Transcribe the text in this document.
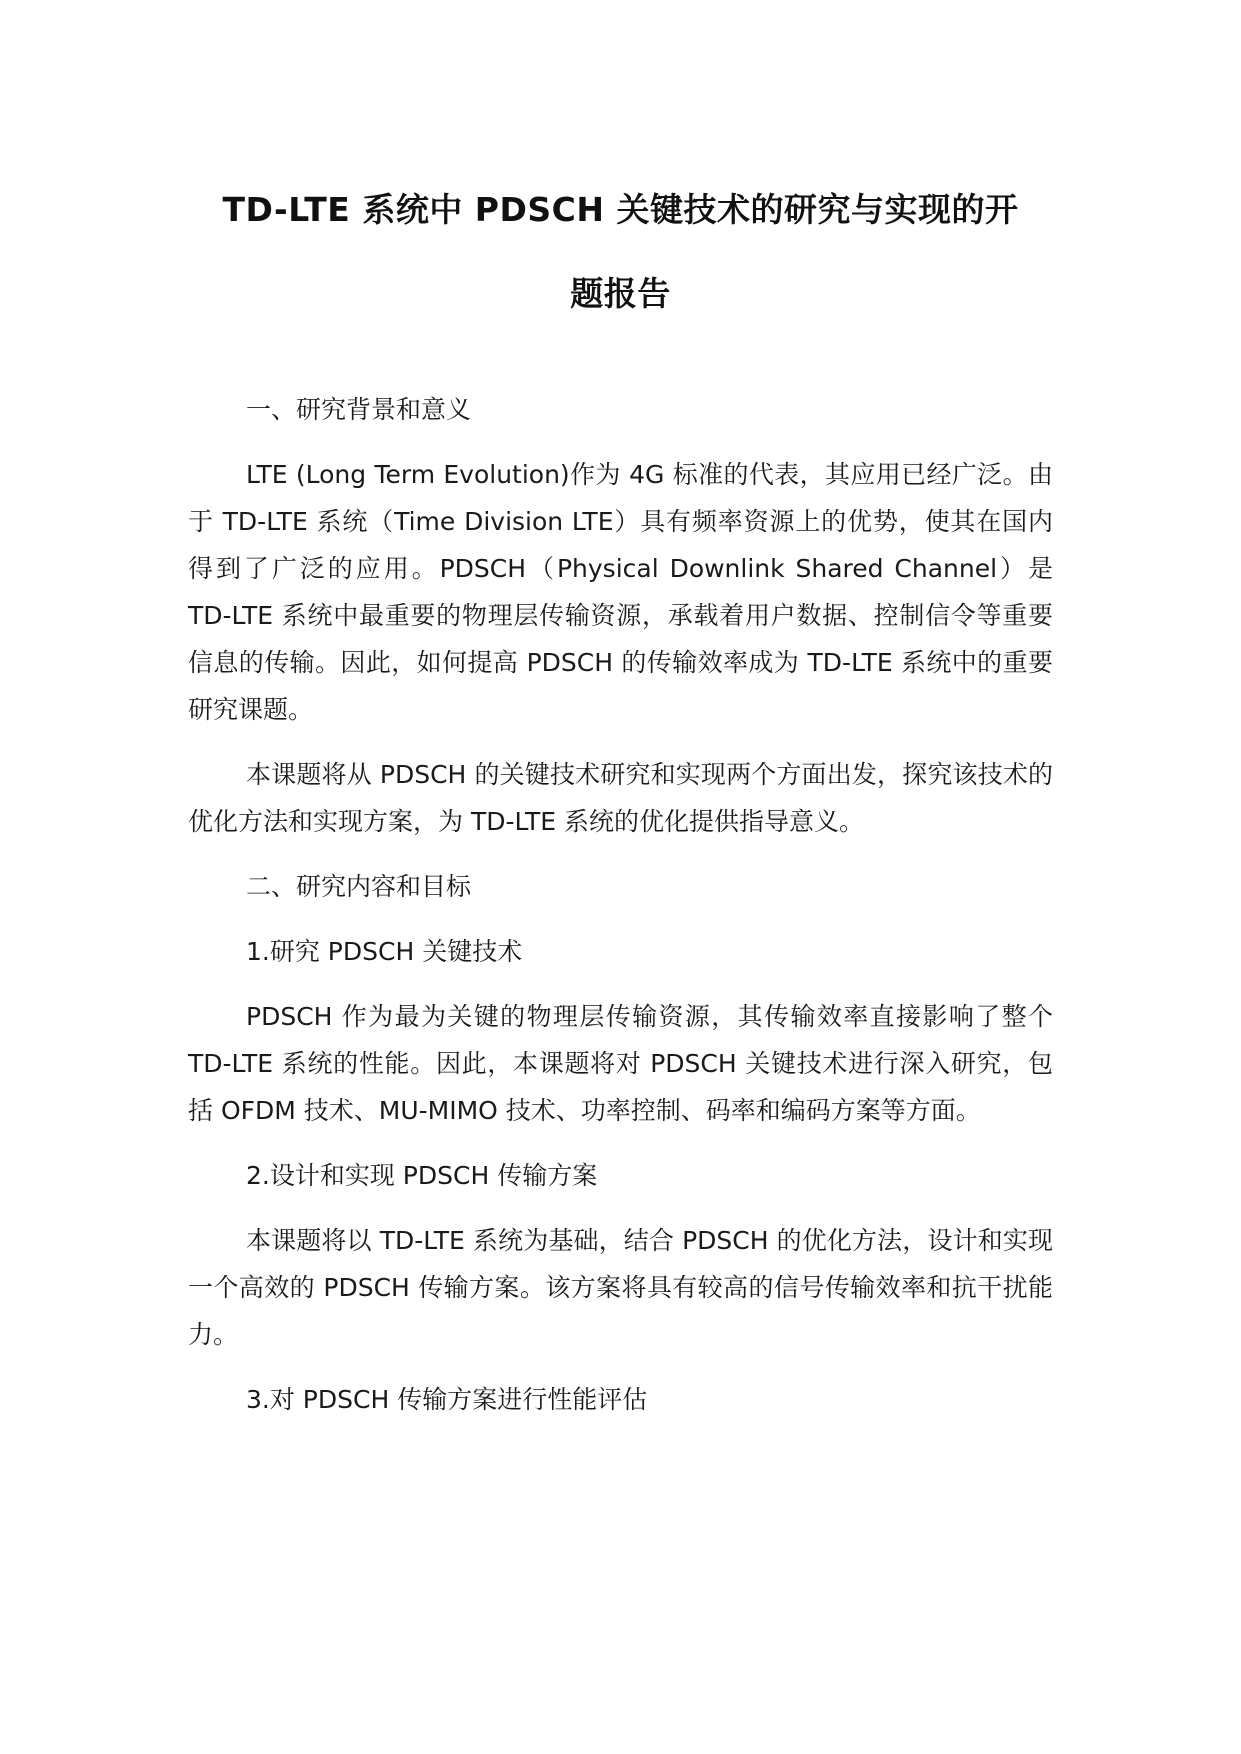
TD-LTE 系统中 PDSCH 关键技术的研究与实现的开
题报告

一、研究背景和意义

LTE (Long Term Evolution)作为 4G 标准的代表，其应用已经广泛。由于 TD-LTE 系统（Time Division LTE）具有频率资源上的优势，使其在国内得到了广泛的应用。PDSCH（Physical Downlink Shared Channel）是 TD-LTE 系统中最重要的物理层传输资源，承载着用户数据、控制信令等重要信息的传输。因此，如何提高 PDSCH 的传输效率成为 TD-LTE 系统中的重要研究课题。

本课题将从 PDSCH 的关键技术研究和实现两个方面出发，探究该技术的优化方法和实现方案，为 TD-LTE 系统的优化提供指导意义。

二、研究内容和目标

1.研究 PDSCH 关键技术

PDSCH 作为最为关键的物理层传输资源，其传输效率直接影响了整个 TD-LTE 系统的性能。因此，本课题将对 PDSCH 关键技术进行深入研究，包括 OFDM 技术、MU-MIMO 技术、功率控制、码率和编码方案等方面。

2.设计和实现 PDSCH 传输方案

本课题将以 TD-LTE 系统为基础，结合 PDSCH 的优化方法，设计和实现一个高效的 PDSCH 传输方案。该方案将具有较高的信号传输效率和抗干扰能力。

3.对 PDSCH 传输方案进行性能评估
